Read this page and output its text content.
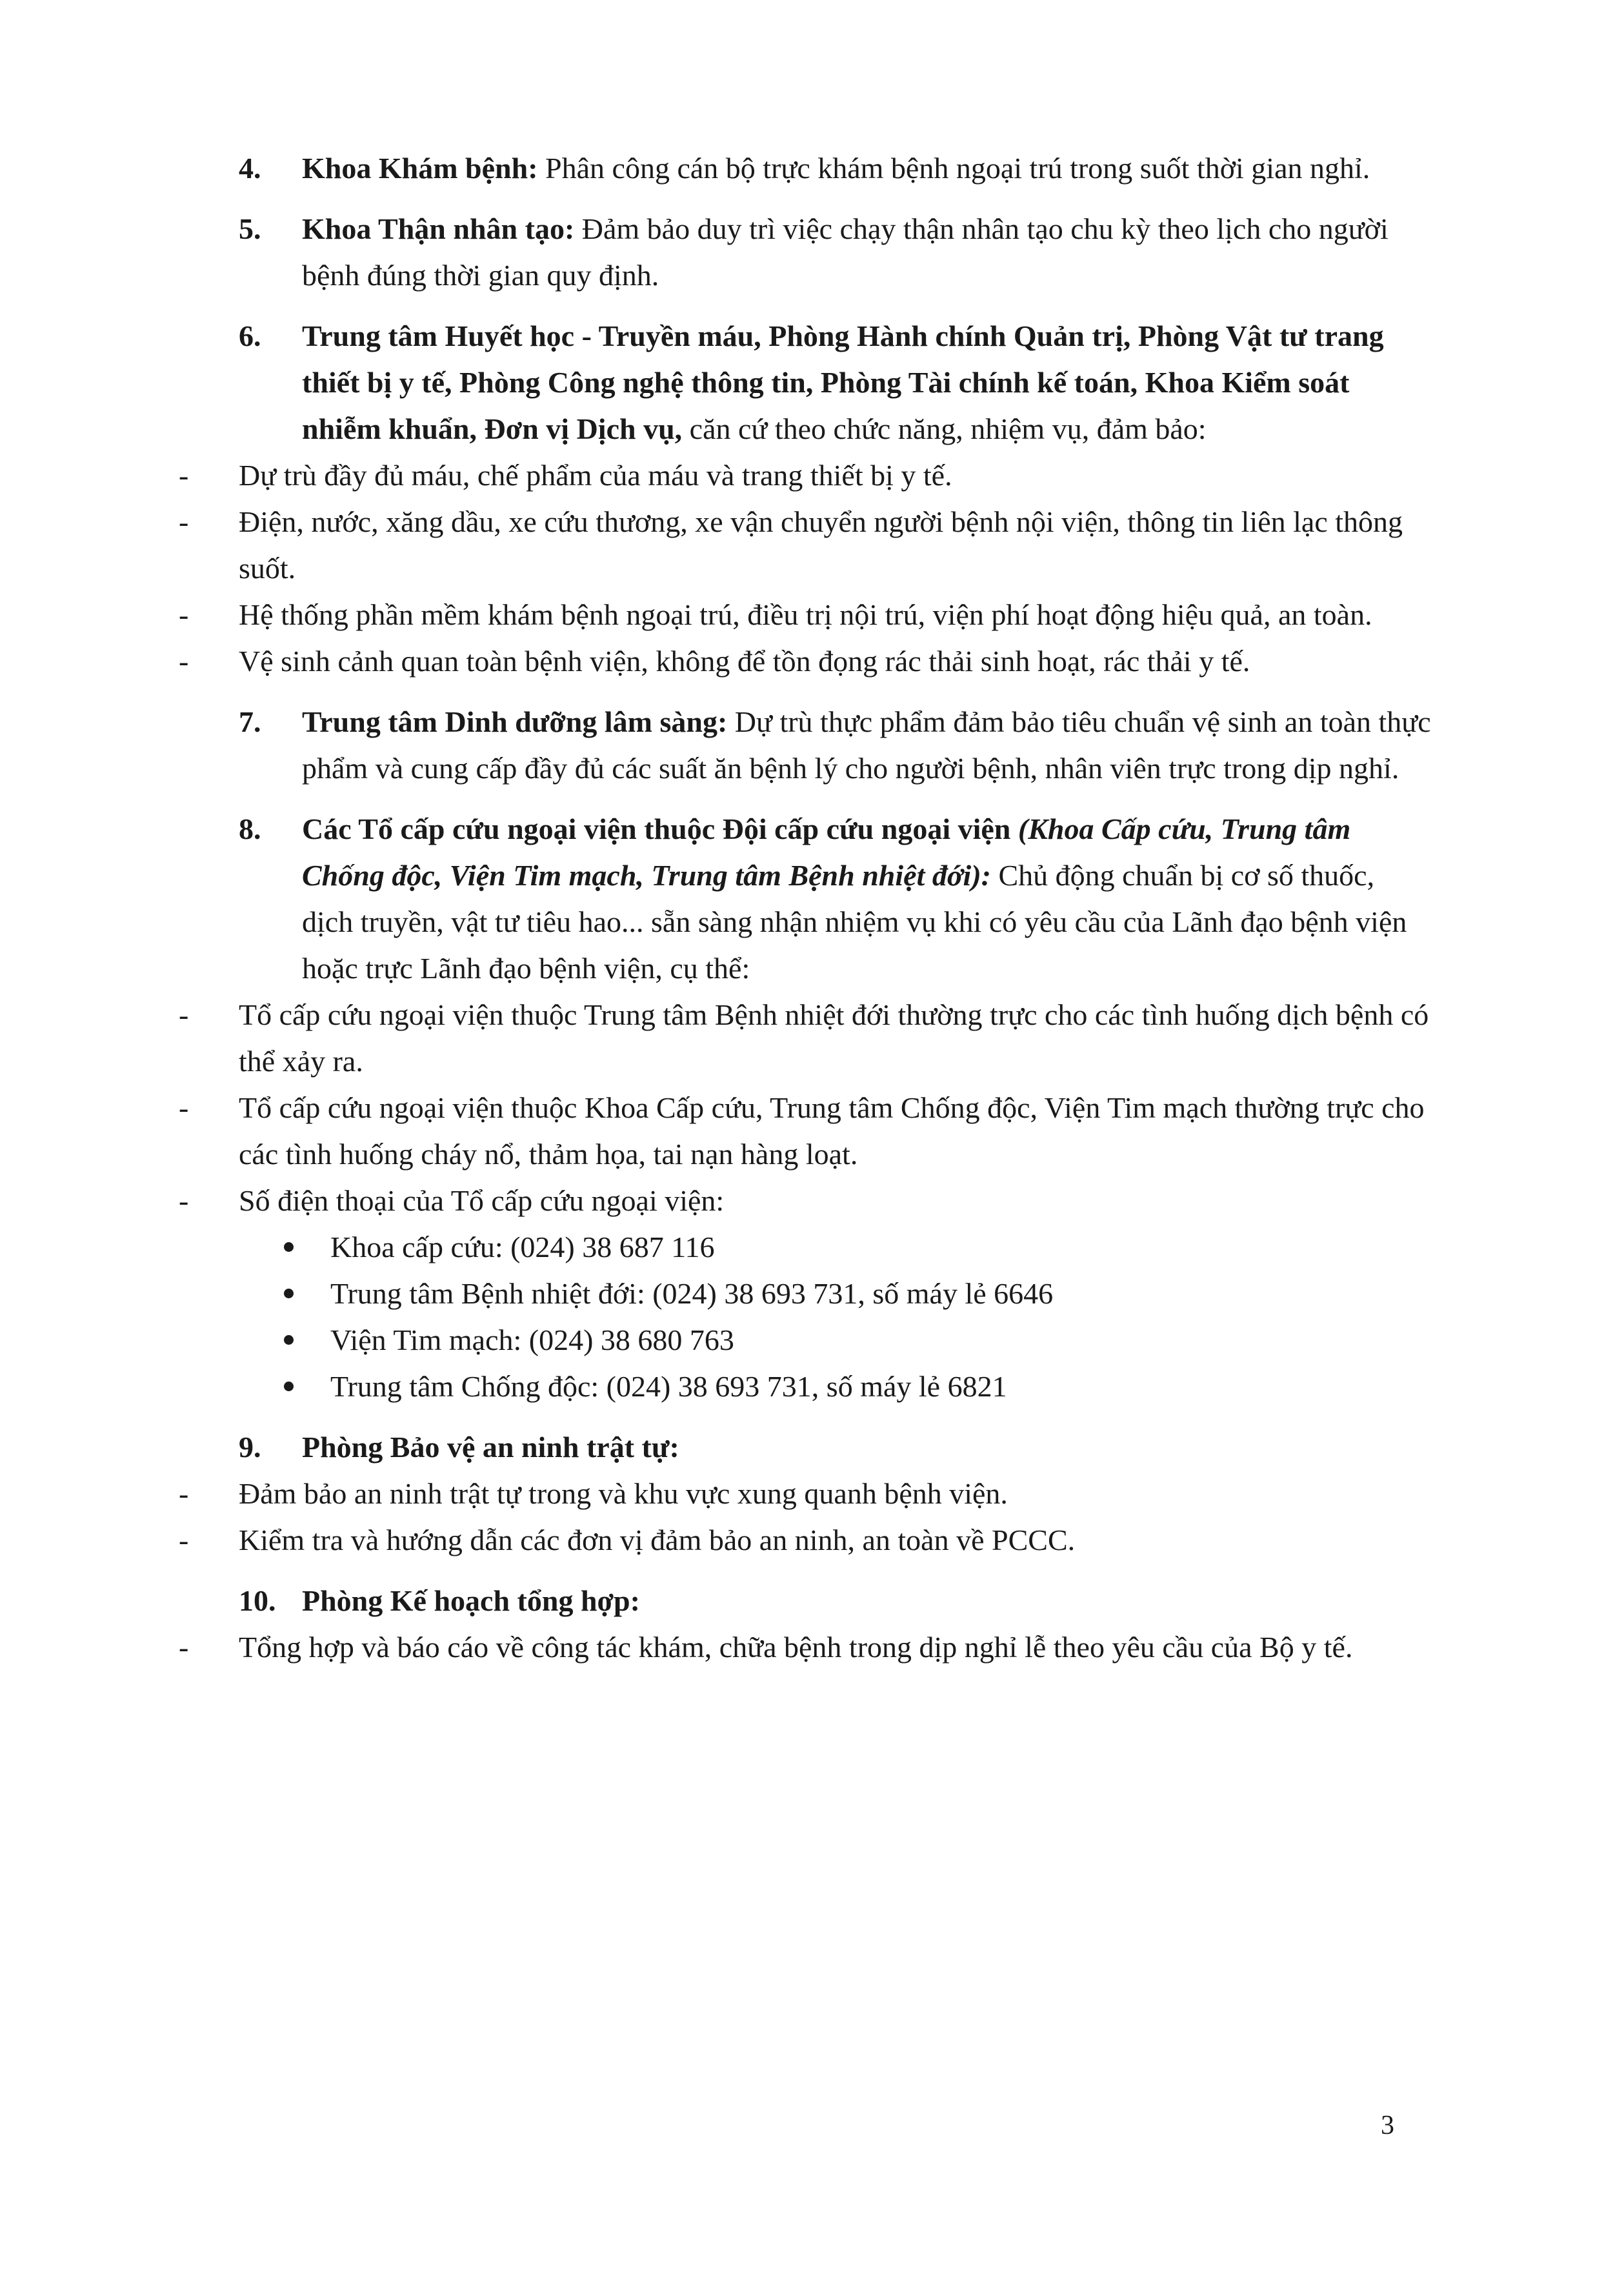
4. Khoa Khám bệnh: Phân công cán bộ trực khám bệnh ngoại trú trong suốt thời gian nghỉ.
5. Khoa Thận nhân tạo: Đảm bảo duy trì việc chạy thận nhân tạo chu kỳ theo lịch cho người bệnh đúng thời gian quy định.
6. Trung tâm Huyết học - Truyền máu, Phòng Hành chính Quản trị, Phòng Vật tư trang thiết bị y tế, Phòng Công nghệ thông tin, Phòng Tài chính kế toán, Khoa Kiểm soát nhiễm khuẩn, Đơn vị Dịch vụ, căn cứ theo chức năng, nhiệm vụ, đảm bảo:
- Dự trù đầy đủ máu, chế phẩm của máu và trang thiết bị y tế.
- Điện, nước, xăng dầu, xe cứu thương, xe vận chuyển người bệnh nội viện, thông tin liên lạc thông suốt.
- Hệ thống phần mềm khám bệnh ngoại trú, điều trị nội trú, viện phí hoạt động hiệu quả, an toàn.
- Vệ sinh cảnh quan toàn bệnh viện, không để tồn đọng rác thải sinh hoạt, rác thải y tế.
7. Trung tâm Dinh dưỡng lâm sàng: Dự trù thực phẩm đảm bảo tiêu chuẩn vệ sinh an toàn thực phẩm và cung cấp đầy đủ các suất ăn bệnh lý cho người bệnh, nhân viên trực trong dịp nghỉ.
8. Các Tổ cấp cứu ngoại viện thuộc Đội cấp cứu ngoại viện (Khoa Cấp cứu, Trung tâm Chống độc, Viện Tim mạch, Trung tâm Bệnh nhiệt đới): Chủ động chuẩn bị cơ số thuốc, dịch truyền, vật tư tiêu hao... sẵn sàng nhận nhiệm vụ khi có yêu cầu của Lãnh đạo bệnh viện hoặc trực Lãnh đạo bệnh viện, cụ thể:
- Tổ cấp cứu ngoại viện thuộc Trung tâm Bệnh nhiệt đới thường trực cho các tình huống dịch bệnh có thể xảy ra.
- Tổ cấp cứu ngoại viện thuộc Khoa Cấp cứu, Trung tâm Chống độc, Viện Tim mạch thường trực cho các tình huống cháy nổ, thảm họa, tai nạn hàng loạt.
- Số điện thoại của Tổ cấp cứu ngoại viện:
Khoa cấp cứu: (024) 38 687 116
Trung tâm Bệnh nhiệt đới: (024) 38 693 731, số máy lẻ 6646
Viện Tim mạch: (024) 38 680 763
Trung tâm Chống độc: (024) 38 693 731, số máy lẻ 6821
9. Phòng Bảo vệ an ninh trật tự:
- Đảm bảo an ninh trật tự trong và khu vực xung quanh bệnh viện.
- Kiểm tra và hướng dẫn các đơn vị đảm bảo an ninh, an toàn về PCCC.
10. Phòng Kế hoạch tổng hợp:
- Tổng hợp và báo cáo về công tác khám, chữa bệnh trong dịp nghỉ lễ theo yêu cầu của Bộ y tế.
3
